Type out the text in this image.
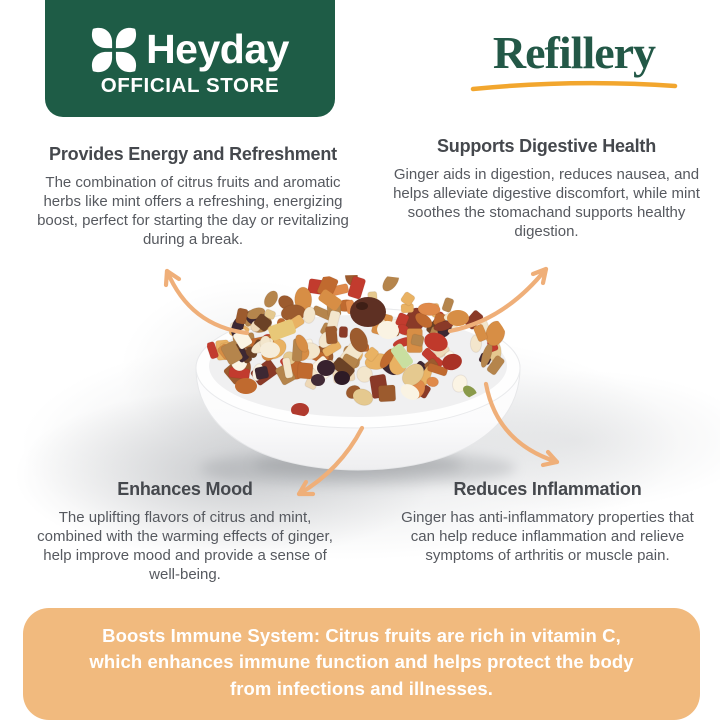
Heyday
OFFICIAL STORE
Refillery
Provides Energy and Refreshment

The combination of citrus fruits and aromatic herbs like mint offers a refreshing, energizing boost, perfect for starting the day or revitalizing during a break.

Supports Digestive Health

Ginger aids in digestion, reduces nausea, and helps alleviate digestive discomfort, while mint soothes the stomachand supports healthy digestion.

Enhances Mood

The uplifting flavors of citrus and mint, combined with the warming effects of ginger, help improve mood and provide a sense of well-being.

Reduces Inflammation

Ginger has anti-inflammatory properties that can help reduce inflammation and relieve symptoms of arthritis or muscle pain.

Boosts Immune System: Citrus fruits are rich in vitamin C, which enhances immune function and helps protect the body from infections and illnesses.
